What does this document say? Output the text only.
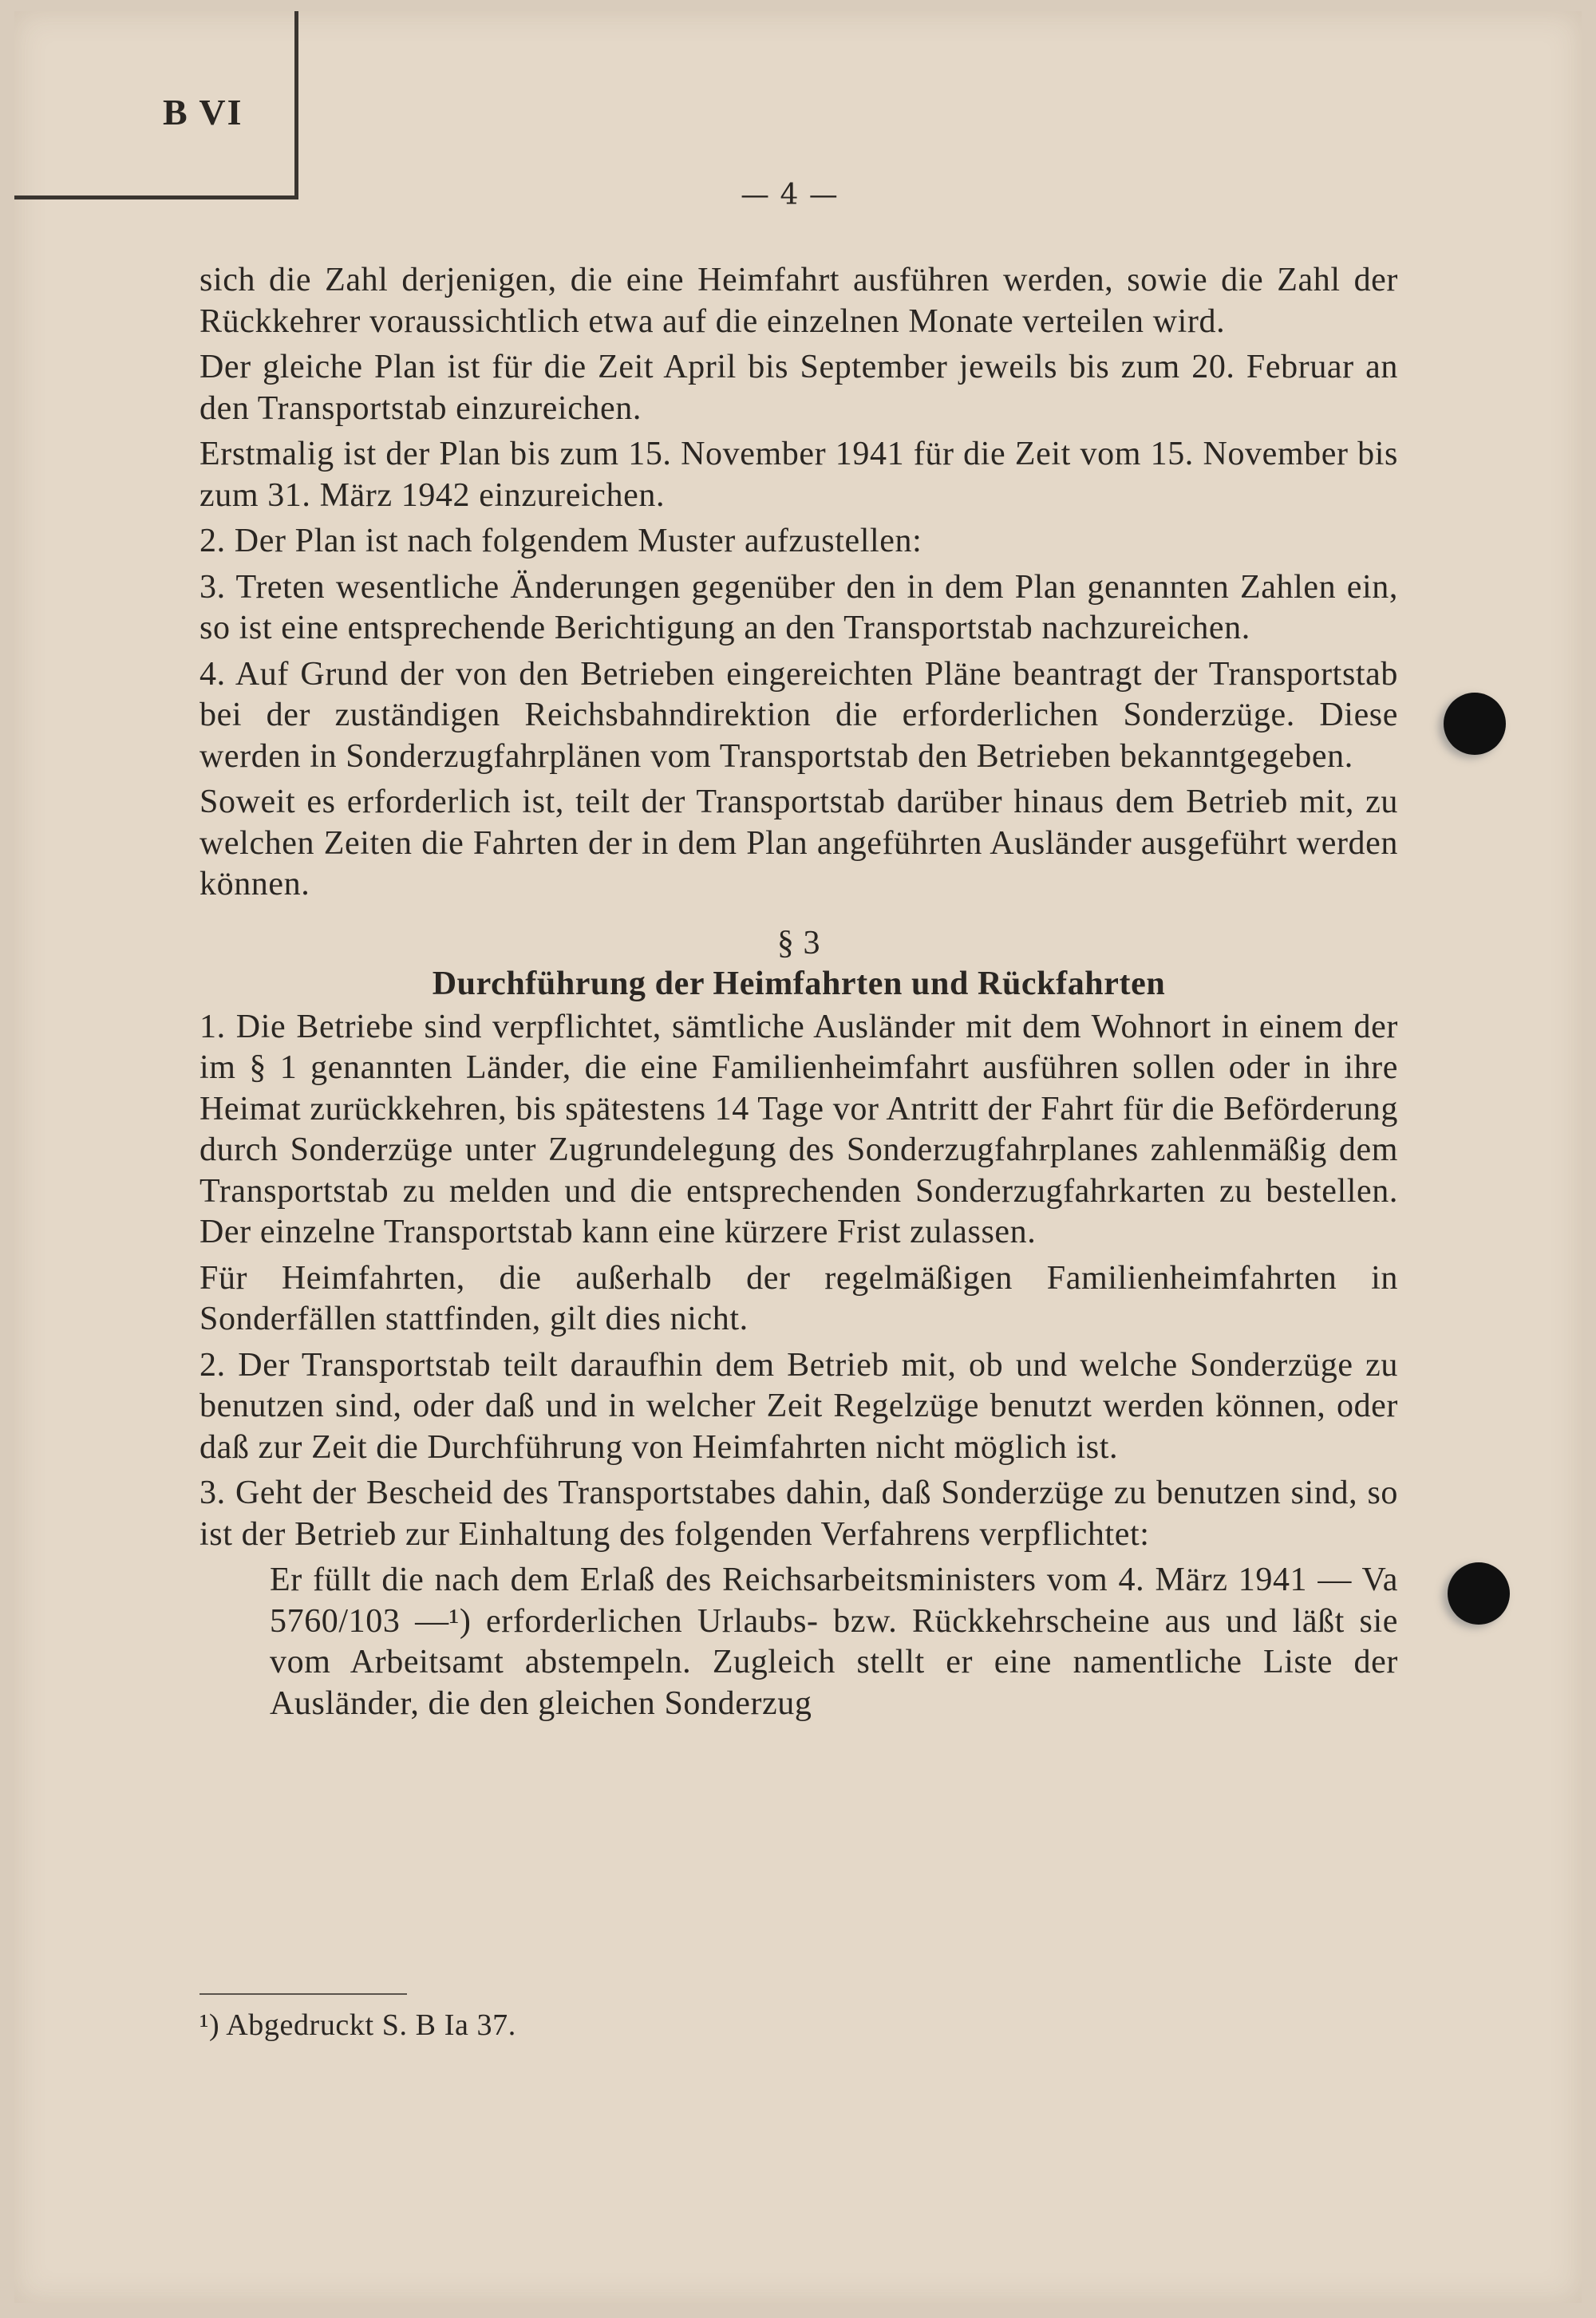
B VI
— 4 —

sich die Zahl derjenigen, die eine Heimfahrt ausführen werden, sowie die Zahl der Rückkehrer voraussichtlich etwa auf die einzelnen Monate verteilen wird.

Der gleiche Plan ist für die Zeit April bis September jeweils bis zum 20. Februar an den Transportstab einzureichen.

Erstmalig ist der Plan bis zum 15. November 1941 für die Zeit vom 15. November bis zum 31. März 1942 einzureichen.

2. Der Plan ist nach folgendem Muster aufzustellen:

3. Treten wesentliche Änderungen gegenüber den in dem Plan genannten Zahlen ein, so ist eine entsprechende Berichtigung an den Transportstab nachzureichen.

4. Auf Grund der von den Betrieben eingereichten Pläne beantragt der Transportstab bei der zuständigen Reichsbahndirektion die erforderlichen Sonderzüge. Diese werden in Sonderzugfahrplänen vom Transportstab den Betrieben bekanntgegeben.

Soweit es erforderlich ist, teilt der Transportstab darüber hinaus dem Betrieb mit, zu welchen Zeiten die Fahrten der in dem Plan angeführten Ausländer ausgeführt werden können.

§ 3
Durchführung der Heimfahrten und Rückfahrten

1. Die Betriebe sind verpflichtet, sämtliche Ausländer mit dem Wohnort in einem der im § 1 genannten Länder, die eine Familienheimfahrt ausführen sollen oder in ihre Heimat zurückkehren, bis spätestens 14 Tage vor Antritt der Fahrt für die Beförderung durch Sonderzüge unter Zugrundelegung des Sonderzugfahrplanes zahlenmäßig dem Transportstab zu melden und die entsprechenden Sonderzugfahrkarten zu bestellen. Der einzelne Transportstab kann eine kürzere Frist zulassen.

Für Heimfahrten, die außerhalb der regelmäßigen Familienheimfahrten in Sonderfällen stattfinden, gilt dies nicht.

2. Der Transportstab teilt daraufhin dem Betrieb mit, ob und welche Sonderzüge zu benutzen sind, oder daß und in welcher Zeit Regelzüge benutzt werden können, oder daß zur Zeit die Durchführung von Heimfahrten nicht möglich ist.

3. Geht der Bescheid des Transportstabes dahin, daß Sonderzüge zu benutzen sind, so ist der Betrieb zur Einhaltung des folgenden Verfahrens verpflichtet:

Er füllt die nach dem Erlaß des Reichsarbeitsministers vom 4. März 1941 — Va 5760/103 —¹) erforderlichen Urlaubs- bzw. Rückkehrscheine aus und läßt sie vom Arbeitsamt abstempeln. Zugleich stellt er eine namentliche Liste der Ausländer, die den gleichen Sonderzug

¹) Abgedruckt S. B Ia 37.
